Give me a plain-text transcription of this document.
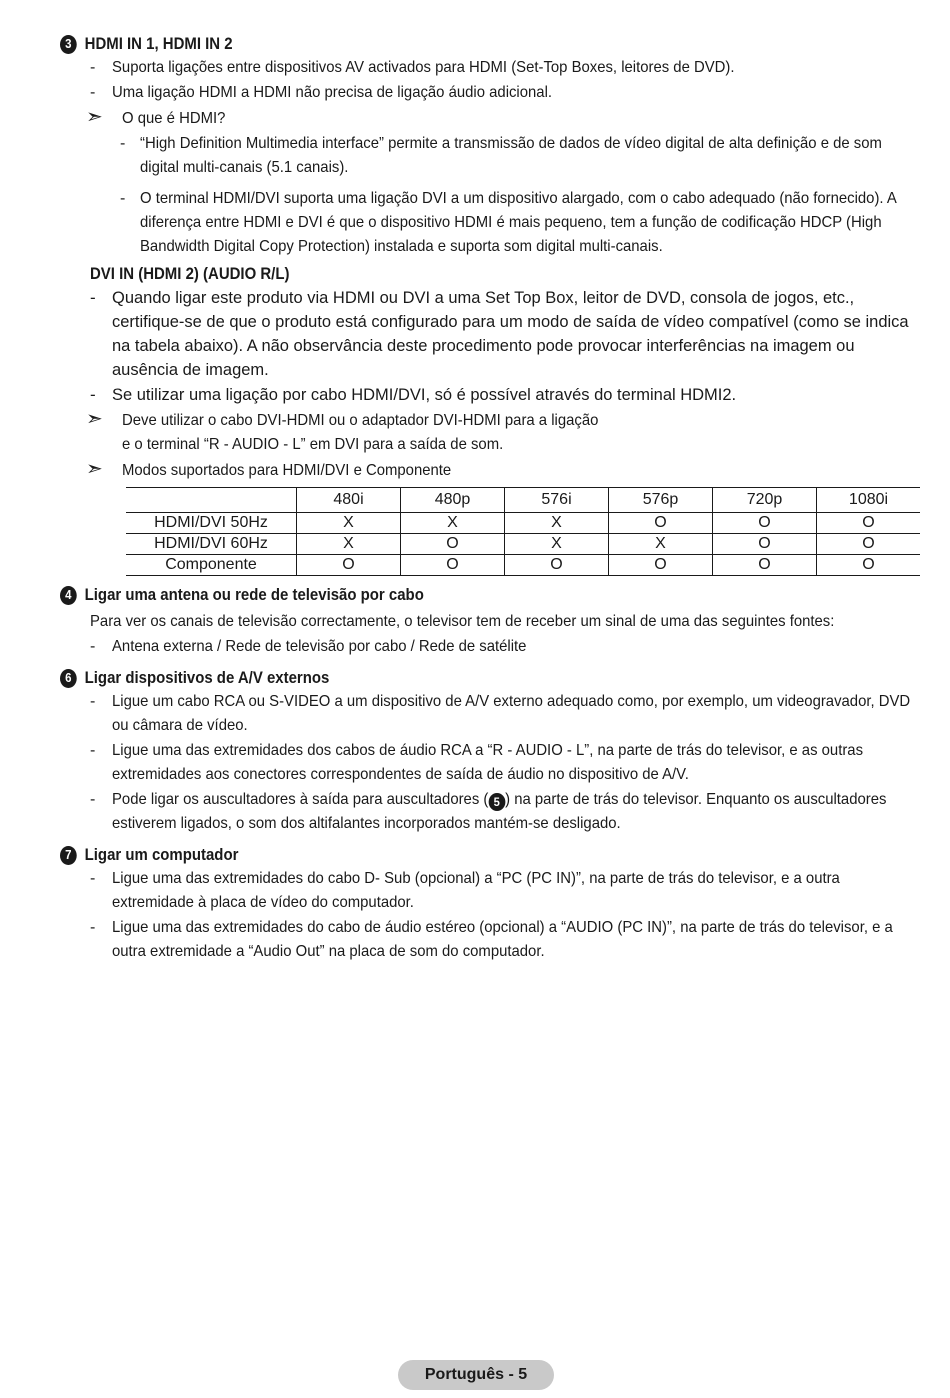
3 HDMI IN 1, HDMI IN 2
- Suporta ligações entre dispositivos AV activados para HDMI (Set-Top Boxes, leitores de DVD).
- Uma ligação HDMI a HDMI não precisa de ligação áudio adicional.
➣ O que é HDMI?
- “High Definition Multimedia interface” permite a transmissão de dados de vídeo digital de alta definição e de som digital multi-canais (5.1 canais).
- O terminal HDMI/DVI suporta uma ligação DVI a um dispositivo alargado, com o cabo adequado (não fornecido). A diferença entre HDMI e DVI é que o dispositivo HDMI é mais pequeno, tem a função de codificação HDCP (High Bandwidth Digital Copy Protection) instalada e suporta som digital multi-canais.
DVI IN (HDMI 2) (AUDIO R/L)
- Quando ligar este produto via HDMI ou DVI a uma Set Top Box, leitor de DVD, consola de jogos, etc., certifique-se de que o produto está configurado para um modo de saída de vídeo compatível (como se indica na tabela abaixo). A não observância deste procedimento pode provocar interferências na imagem ou ausência de imagem.
- Se utilizar uma ligação por cabo HDMI/DVI, só é possível através do terminal HDMI2.
➣ Deve utilizar o cabo DVI-HDMI ou o adaptador DVI-HDMI para a ligação
e o terminal “R - AUDIO - L” em DVI para a saída de som.
➣ Modos suportados para HDMI/DVI e Componente
	480i	480p	576i	576p	720p	1080i
HDMI/DVI 50Hz	X	X	X	O	O	O
HDMI/DVI 60Hz	X	O	X	X	O	O
Componente	O	O	O	O	O	O
4 Ligar uma antena ou rede de televisão por cabo
Para ver os canais de televisão correctamente, o televisor tem de receber um sinal de uma das seguintes fontes:
- Antena externa / Rede de televisão por cabo / Rede de satélite
6 Ligar dispositivos de A/V externos
- Ligue um cabo RCA ou S-VIDEO a um dispositivo de A/V externo adequado como, por exemplo, um videogravador, DVD ou câmara de vídeo.
- Ligue uma das extremidades dos cabos de áudio RCA a “R - AUDIO - L”, na parte de trás do televisor, e as outras extremidades aos conectores correspondentes de saída de áudio no dispositivo de A/V.
- Pode ligar os auscultadores à saída para auscultadores ( 5 ) na parte de trás do televisor. Enquanto os auscultadores estiverem ligados, o som dos altifalantes incorporados mantém-se desligado.
7 Ligar um computador
- Ligue uma das extremidades do cabo D- Sub (opcional) a “PC (PC IN)”, na parte de trás do televisor, e a outra extremidade à placa de vídeo do computador.
- Ligue uma das extremidades do cabo de áudio estéreo (opcional) a “AUDIO (PC IN)”, na parte de trás do televisor, e a outra extremidade a “Audio Out” na placa de som do computador.
Português - 5
